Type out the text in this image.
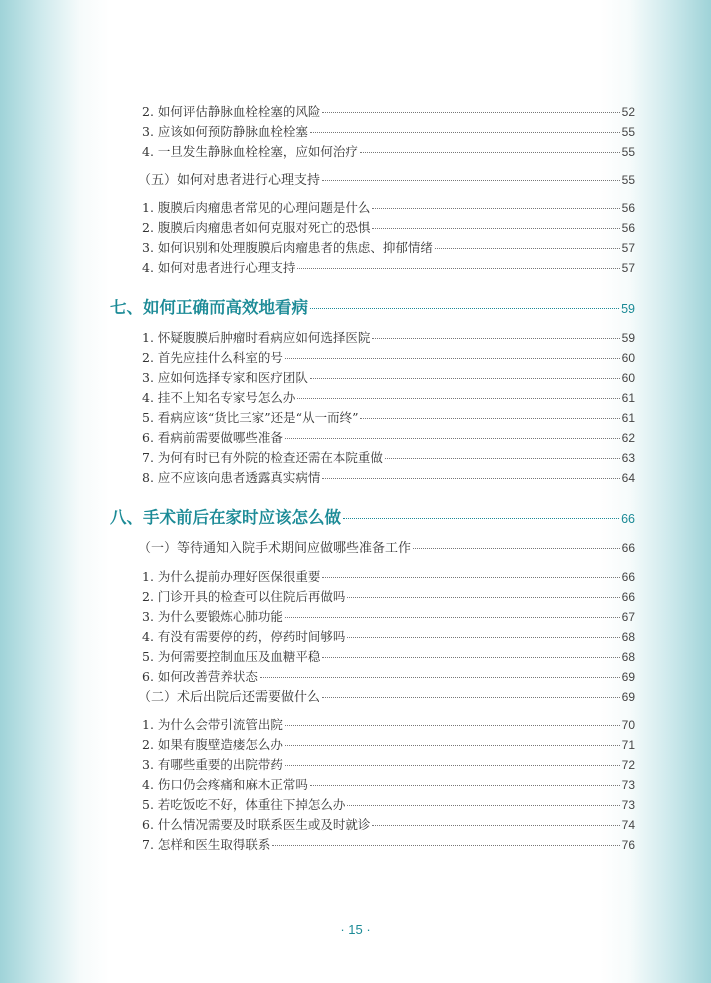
2. 如何评估静脉血栓栓塞的风险	52
3. 应该如何预防静脉血栓栓塞	55
4. 一旦发生静脉血栓栓塞，应如何治疗	55
（五）如何对患者进行心理支持	55
1. 腹膜后肉瘤患者常见的心理问题是什么	56
2. 腹膜后肉瘤患者如何克服对死亡的恐惧	56
3. 如何识别和处理腹膜后肉瘤患者的焦虑、抑郁情绪	57
4. 如何对患者进行心理支持	57
七、如何正确而高效地看病	59
1. 怀疑腹膜后肿瘤时看病应如何选择医院	59
2. 首先应挂什么科室的号	60
3. 应如何选择专家和医疗团队	60
4. 挂不上知名专家号怎么办	61
5. 看病应该“货比三家”还是“从一而终”	61
6. 看病前需要做哪些准备	62
7. 为何有时已有外院的检查还需在本院重做	63
8. 应不应该向患者透露真实病情	64
八、手术前后在家时应该怎么做	66
（一）等待通知入院手术期间应做哪些准备工作	66
1. 为什么提前办理好医保很重要	66
2. 门诊开具的检查可以住院后再做吗	66
3. 为什么要锻炼心肺功能	67
4. 有没有需要停的药，停药时间够吗	68
5. 为何需要控制血压及血糖平稳	68
6. 如何改善营养状态	69
（二）术后出院后还需要做什么	69
1. 为什么会带引流管出院	70
2. 如果有腹壁造瘘怎么办	71
3. 有哪些重要的出院带药	72
4. 伤口仍会疼痛和麻木正常吗	73
5. 若吃饭吃不好，体重往下掉怎么办	73
6. 什么情况需要及时联系医生或及时就诊	74
7. 怎样和医生取得联系	76
· 15 ·
